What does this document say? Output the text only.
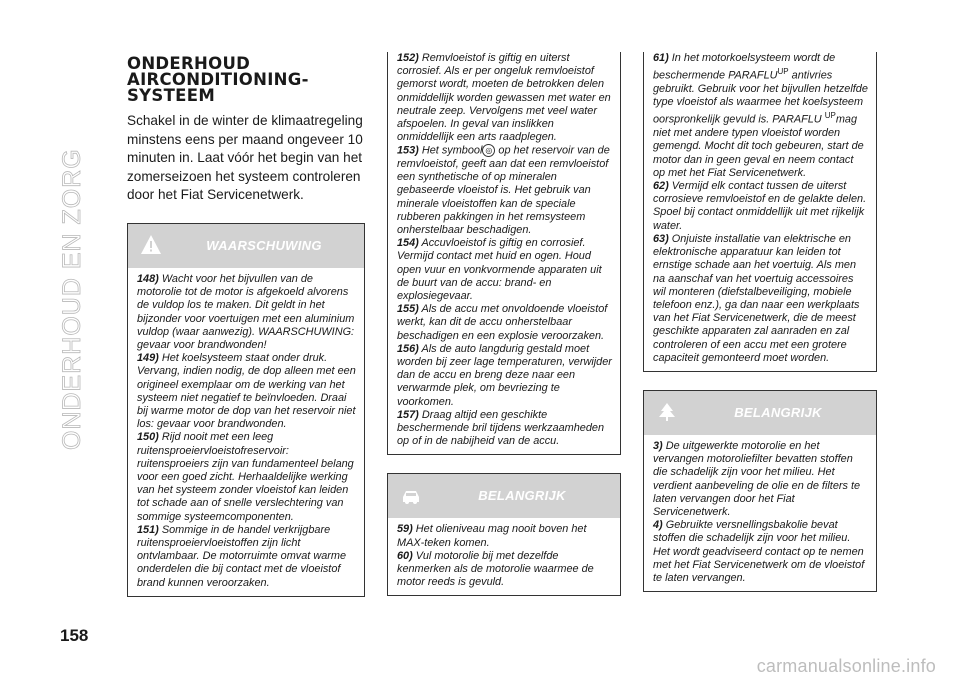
ONDERHOUD EN ZORG
ONDERHOUD
AIRCONDITIONING-
SYSTEEM

Schakel in de winter de klimaatregeling minstens eens per maand ongeveer 10 minuten in. Laat vóór het begin van het zomerseizoen het systeem controleren door het Fiat Servicenetwerk.

WAARSCHUWING

148) Wacht voor het bijvullen van de motorolie tot de motor is afgekoeld alvorens de vuldop los te maken. Dit geldt in het bijzonder voor voertuigen met een aluminium vuldop (waar aanwezig). WAARSCHUWING: gevaar voor brandwonden!

149) Het koelsysteem staat onder druk. Vervang, indien nodig, de dop alleen met een origineel exemplaar om de werking van het systeem niet negatief te beïnvloeden. Draai bij warme motor de dop van het reservoir niet los: gevaar voor brandwonden.

150) Rijd nooit met een leeg ruitensproeiervloeistofreservoir: ruitensproeiers zijn van fundamenteel belang voor een goed zicht. Herhaaldelijke werking van het systeem zonder vloeistof kan leiden tot schade aan of snelle verslechtering van sommige systeemcomponenten.

151) Sommige in de handel verkrijgbare ruitensproeiervloeistoffen zijn licht ontvlambaar. De motorruimte omvat warme onderdelen die bij contact met de vloeistof brand kunnen veroorzaken.

152) Remvloeistof is giftig en uiterst corrosief. Als er per ongeluk remvloeistof gemorst wordt, moeten de betrokken delen onmiddellijk worden gewassen met water en neutrale zeep. Vervolgens met veel water afspoelen. In geval van inslikken onmiddellijk een arts raadplegen.

153) Het symbool ◎ op het reservoir van de remvloeistof, geeft aan dat een remvloeistof een synthetische of op mineralen gebaseerde vloeistof is. Het gebruik van minerale vloeistoffen kan de speciale rubberen pakkingen in het remsysteem onherstelbaar beschadigen.

154) Accuvloeistof is giftig en corrosief. Vermijd contact met huid en ogen. Houd open vuur en vonkvormende apparaten uit de buurt van de accu: brand- en explosiegevaar.

155) Als de accu met onvoldoende vloeistof werkt, kan dit de accu onherstelbaar beschadigen en een explosie veroorzaken.

156) Als de auto langdurig gestald moet worden bij zeer lage temperaturen, verwijder dan de accu en breng deze naar een verwarmde plek, om bevriezing te voorkomen.

157) Draag altijd een geschikte beschermende bril tijdens werkzaamheden op of in de nabijheid van de accu.

BELANGRIJK

59) Het olieniveau mag nooit boven het MAX-teken komen.

60) Vul motorolie bij met dezelfde kenmerken als de motorolie waarmee de motor reeds is gevuld.

61) In het motorkoelsysteem wordt de beschermende $PARAFLU^{UP}$ antivries gebruikt. Gebruik voor het bijvullen hetzelfde type vloeistof als waarmee het koelsysteem oorspronkelijk gevuld is. PARAFLU $^{UP}$mag niet met andere typen vloeistof worden gemengd. Mocht dit toch gebeuren, start de motor dan in geen geval en neem contact op met het Fiat Servicenetwerk.

62) Vermijd elk contact tussen de uiterst corrosieve remvloeistof en de gelakte delen. Spoel bij contact onmiddellijk uit met rijkelijk water.

63) Onjuiste installatie van elektrische en elektronische apparatuur kan leiden tot ernstige schade aan het voertuig. Als men na aanschaf van het voertuig accessoires wil monteren (diefstalbeveiliging, mobiele telefoon enz.), ga dan naar een werkplaats van het Fiat Servicenetwerk, die de meest geschikte apparaten zal aanraden en zal controleren of een accu met een grotere capaciteit gemonteerd moet worden.

BELANGRIJK

3) De uitgewerkte motorolie en het vervangen motoroliefilter bevatten stoffen die schadelijk zijn voor het milieu. Het verdient aanbeveling de olie en de filters te laten vervangen door het Fiat Servicenetwerk.

4) Gebruikte versnellingsbakolie bevat stoffen die schadelijk zijn voor het milieu. Het wordt geadviseerd contact op te nemen met het Fiat Servicenetwerk om de vloeistof te laten vervangen.

158
carmanualsonline.info
